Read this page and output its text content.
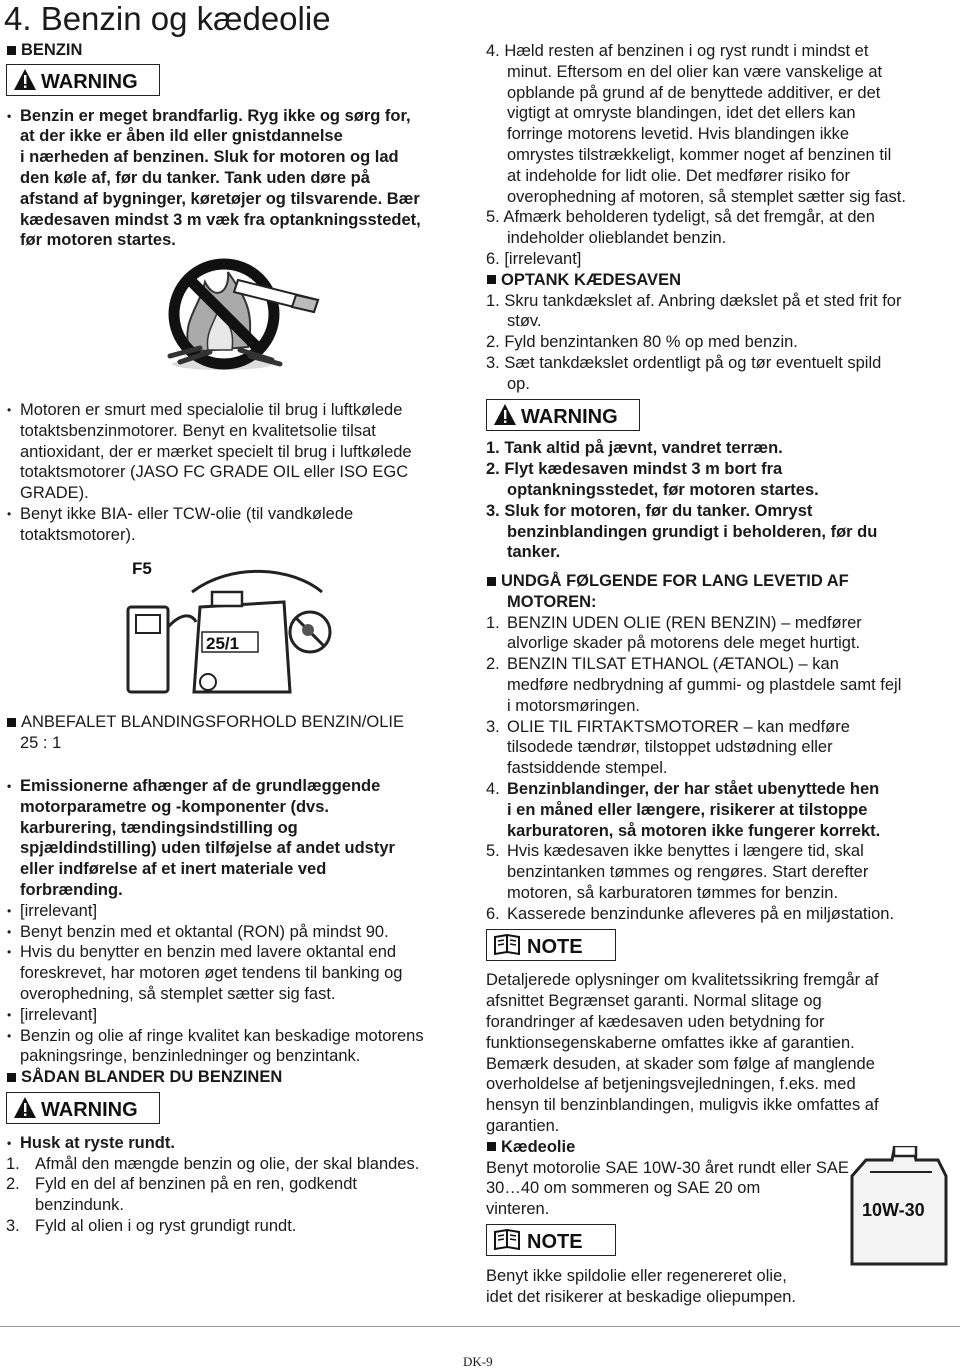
4. Benzin og kædeolie
BENZIN
WARNING
• Benzin er meget brandfarlig. Ryg ikke og sørg for,
at der ikke er åben ild eller gnistdannelse
i nærheden af benzinen. Sluk for motoren og lad
den køle af, før du tanker. Tank uden døre på
afstand af bygninger, køretøjer og tilsvarende. Bær
kædesaven mindst 3 m væk fra optankningsstedet,
før motoren startes.
• Motoren er smurt med specialolie til brug i luftkølede
totaktsbenzinmotorer. Benyt en kvalitetsolie tilsat
antioxidant, der er mærket specielt til brug i luftkølede
totaktsmotorer (JASO FC GRADE OIL eller ISO EGC
GRADE).
• Benyt ikke BIA- eller TCW-olie (til vandkølede
totaktsmotorer).
F5
25/1
ANBEFALET BLANDINGSFORHOLD BENZIN/OLIE
25 : 1
• Emissionerne afhænger af de grundlæggende
motorparametre og -komponenter (dvs.
karburering, tændingsindstilling og
spjældindstilling) uden tilføjelse af andet udstyr
eller indførelse af et inert materiale ved
forbrænding.
• [irrelevant]
• Benyt benzin med et oktantal (RON) på mindst 90.
• Hvis du benytter en benzin med lavere oktantal end
foreskrevet, har motoren øget tendens til banking og
overophedning, så stemplet sætter sig fast.
• [irrelevant]
• Benzin og olie af ringe kvalitet kan beskadige motorens
pakningsringe, benzinledninger og benzintank.
SÅDAN BLANDER DU BENZINEN
WARNING
• Husk at ryste rundt.
1. Afmål den mængde benzin og olie, der skal blandes.
2. Fyld en del af benzinen på en ren, godkendt
benzindunk.
3. Fyld al olien i og ryst grundigt rundt.
4. Hæld resten af benzinen i og ryst rundt i mindst et
minut. Eftersom en del olier kan være vanskelige at
opblande på grund af de benyttede additiver, er det
vigtigt at omryste blandingen, idet det ellers kan
forringe motorens levetid. Hvis blandingen ikke
omrystes tilstrækkeligt, kommer noget af benzinen til
at indeholde for lidt olie. Det medfører risiko for
overophedning af motoren, så stemplet sætter sig fast.
5. Afmærk beholderen tydeligt, så det fremgår, at den
indeholder olieblandet benzin.
6. [irrelevant]
OPTANK KÆDESAVEN
1. Skru tankdækslet af. Anbring dækslet på et sted frit for
støv.
2. Fyld benzintanken 80 % op med benzin.
3. Sæt tankdækslet ordentligt på og tør eventuelt spild
op.
WARNING
1. Tank altid på jævnt, vandret terræn.
2. Flyt kædesaven mindst 3 m bort fra
optankningsstedet, før motoren startes.
3. Sluk for motoren, før du tanker. Omryst
benzinblandingen grundigt i beholderen, før du
tanker.
UNDGÅ FØLGENDE FOR LANG LEVETID AF
MOTOREN:
1. BENZIN UDEN OLIE (REN BENZIN) – medfører
alvorlige skader på motorens dele meget hurtigt.
2. BENZIN TILSAT ETHANOL (ÆTANOL) – kan
medføre nedbrydning af gummi- og plastdele samt fejl
i motorsmøringen.
3. OLIE TIL FIRTAKTSMOTORER – kan medføre
tilsodede tændrør, tilstoppet udstødning eller
fastsiddende stempel.
4. Benzinblandinger, der har stået ubenyttede hen
i en måned eller længere, risikerer at tilstoppe
karburatoren, så motoren ikke fungerer korrekt.
5. Hvis kædesaven ikke benyttes i længere tid, skal
benzintanken tømmes og rengøres. Start derefter
motoren, så karburatoren tømmes for benzin.
6. Kasserede benzindunke afleveres på en miljøstation.
NOTE
Detaljerede oplysninger om kvalitetssikring fremgår af
afsnittet Begrænset garanti. Normal slitage og
forandringer af kædesaven uden betydning for
funktionsegenskaberne omfattes ikke af garantien.
Bemærk desuden, at skader som følge af manglende
overholdelse af betjeningsvejledningen, f.eks. med
hensyn til benzinblandingen, muligvis ikke omfattes af
garantien.
Kædeolie
Benyt motorolie SAE 10W-30 året rundt eller SAE
30…40 om sommeren og SAE 20 om
vinteren.
NOTE
Benyt ikke spildolie eller regenereret olie,
idet det risikerer at beskadige oliepumpen.
10W-30
DK-9
